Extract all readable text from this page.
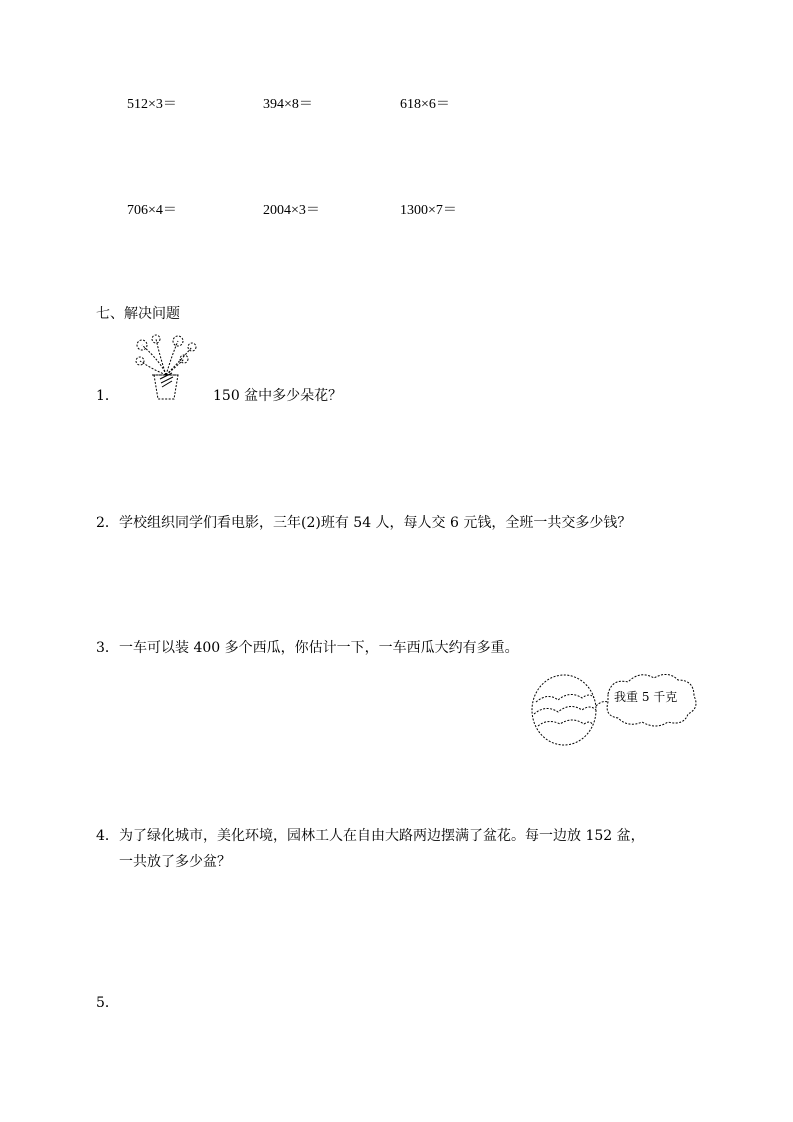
512×3＝	394×8＝	618×6＝
706×4＝	2004×3＝	1300×7＝
七、解决问题
1．	150 盆中多少朵花？
2． 学校组织同学们看电影，三年(2)班有 54 人，每人交 6 元钱，全班一共交多少钱？
3． 一车可以装 400 多个西瓜，你估计一下，一车西瓜大约有多重。
我重 5 千克
4． 为了绿化城市，美化环境，园林工人在自由大路两边摆满了盆花。每一边放 152 盆，
一共放了多少盆？
5．
